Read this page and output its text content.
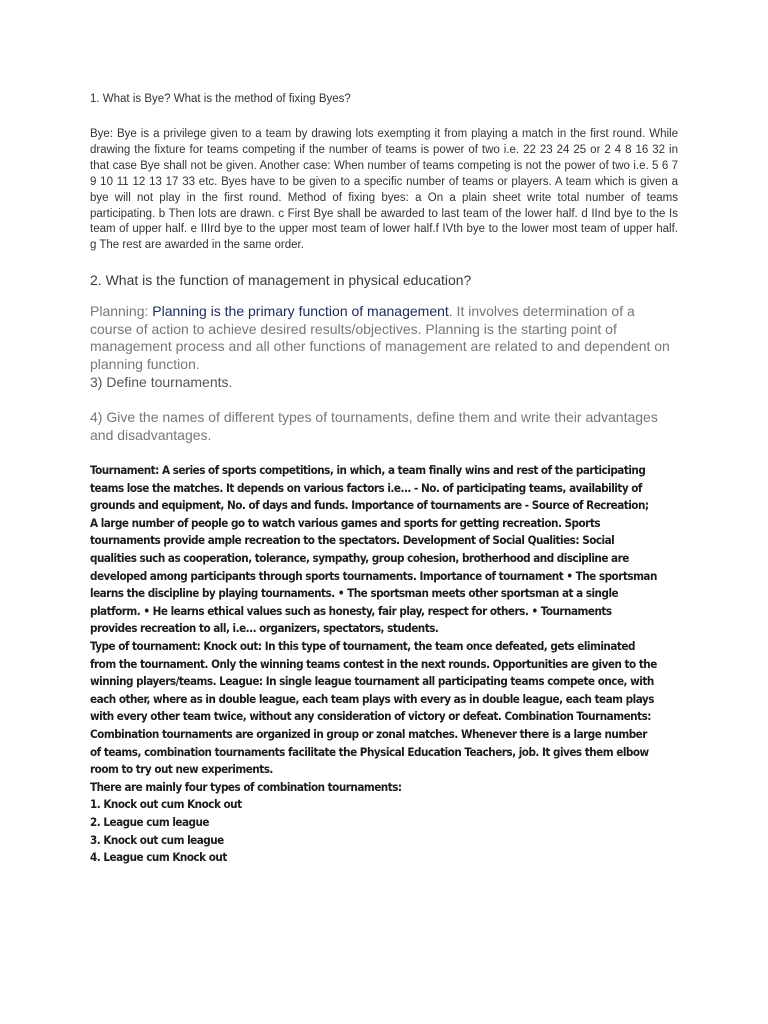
1. What is Bye? What is the method of fixing Byes?

Bye: Bye is a privilege given to a team by drawing lots exempting it from playing a match in the first round. While drawing the fixture for teams competing if the number of teams is power of two i.e. 22 23 24 25 or 2 4 8 16 32 in that case Bye shall not be given. Another case: When number of teams competing is not the power of two i.e. 5 6 7 9 10 11 12 13 17 33 etc. Byes have to be given to a specific number of teams or players. A team which is given a bye will not play in the first round. Method of fixing byes: a On a plain sheet write total number of teams participating. b Then lots are drawn. c First Bye shall be awarded to last team of the lower half. d IInd bye to the Is team of upper half. e IIIrd bye to the upper most team of lower half.f IVth bye to the lower most team of upper half. g The rest are awarded in the same order.

2. What is the function of management in physical education?

Planning: Planning is the primary function of management. It involves determination of a course of action to achieve desired results/objectives. Planning is the starting point of management process and all other functions of management are related to and dependent on planning function.

3) Define tournaments.

4) Give the names of different types of tournaments, define them and write their advantages and disadvantages.

Tournament: A series of sports competitions, in which, a team finally wins and rest of the participating
teams lose the matches. It depends on various factors i.e... - No. of participating teams, availability of
grounds and equipment, No. of days and funds. Importance of tournaments are - Source of Recreation;
A large number of people go to watch various games and sports for getting recreation. Sports
tournaments provide ample recreation to the spectators. Development of Social Qualities: Social
qualities such as cooperation, tolerance, sympathy, group cohesion, brotherhood and discipline are
developed among participants through sports tournaments. Importance of tournament • The sportsman
learns the discipline by playing tournaments. • The sportsman meets other sportsman at a single
platform. • He learns ethical values such as honesty, fair play, respect for others. • Tournaments
provides recreation to all, i.e... organizers, spectators, students.
Type of tournament: Knock out: In this type of tournament, the team once defeated, gets eliminated
from the tournament. Only the winning teams contest in the next rounds. Opportunities are given to the
winning players/teams. League: In single league tournament all participating teams compete once, with
each other, where as in double league, each team plays with every as in double league, each team plays
with every other team twice, without any consideration of victory or defeat. Combination Tournaments:
Combination tournaments are organized in group or zonal matches. Whenever there is a large number
of teams, combination tournaments facilitate the Physical Education Teachers, job. It gives them elbow
room to try out new experiments.
There are mainly four types of combination tournaments:
1. Knock out cum Knock out
2. League cum league
3. Knock out cum league
4. League cum Knock out
